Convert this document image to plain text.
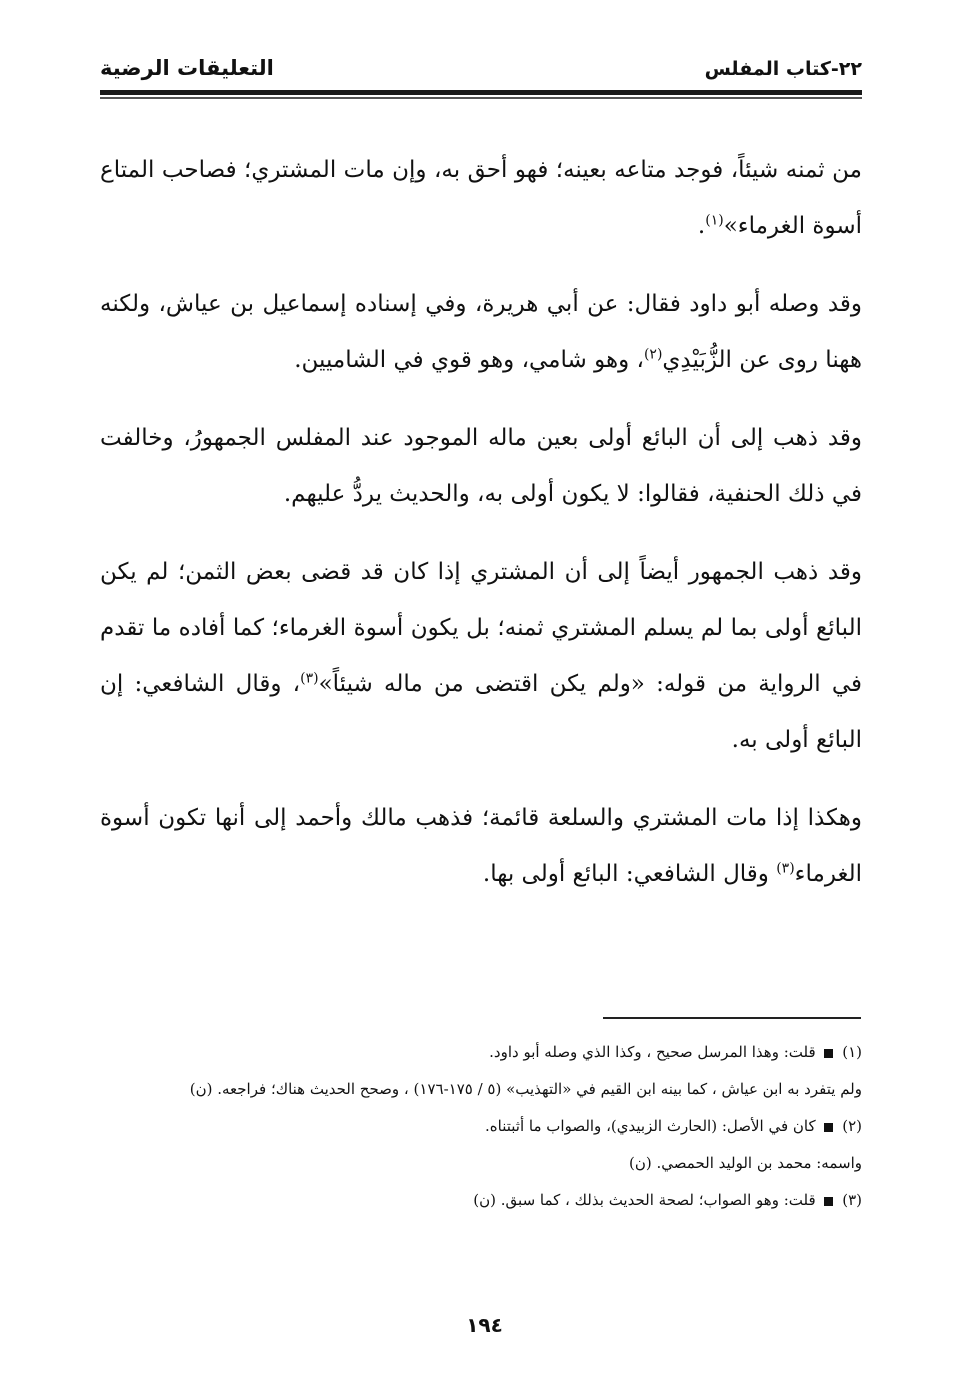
٢٢-كتاب المفلس
التعليقات الرضية

من ثمنه شيئاً، فوجد متاعه بعينه؛ فهو أحق به، وإن مات المشتري؛ فصاحب المتاع أسوة الغرماء»$^{(١)}$.

وقد وصله أبو داود فقال: عن أبي هريرة، وفي إسناده إسماعيل بن عياش، ولكنه ههنا روى عن الزُّبَيْدِي$^{(٢)}$، وهو شامي، وهو قوي في الشاميين.

وقد ذهب إلى أن البائع أولى بعين ماله الموجود عند المفلس الجمهورُ، وخالفت في ذلك الحنفية، فقالوا: لا يكون أولى به، والحديث يردُّ عليهم.

وقد ذهب الجمهور أيضاً إلى أن المشتري إذا كان قد قضى بعض الثمن؛ لم يكن البائع أولى بما لم يسلم المشتري ثمنه؛ بل يكون أسوة الغرماء؛ كما أفاده ما تقدم في الرواية من قوله: «ولم يكن اقتضى من ماله شيئاً»$^{(٣)}$، وقال الشافعي: إن البائع أولى به.

وهكذا إذا مات المشتري والسلعة قائمة؛ فذهب مالك وأحمد إلى أنها تكون أسوة الغرماء$^{(٣)}$ وقال الشافعي: البائع أولى بها.

(١)  قلت: وهذا المرسل صحيح ، وكذا الذي وصله أبو داود.

ولم يتفرد به ابن عياش ، كما بينه ابن القيم في «التهذيب» (٥ / ١٧٥-١٧٦) ، وصحح الحديث هناك؛ فراجعه. (ن)

(٢)  كان في الأصل: (الحارث الزبيدي)، والصواب ما أثبتناه.

واسمه: محمد بن الوليد الحمصي. (ن)

(٣)  قلت: وهو الصواب؛ لصحة الحديث بذلك ، كما سبق. (ن)

١٩٤
